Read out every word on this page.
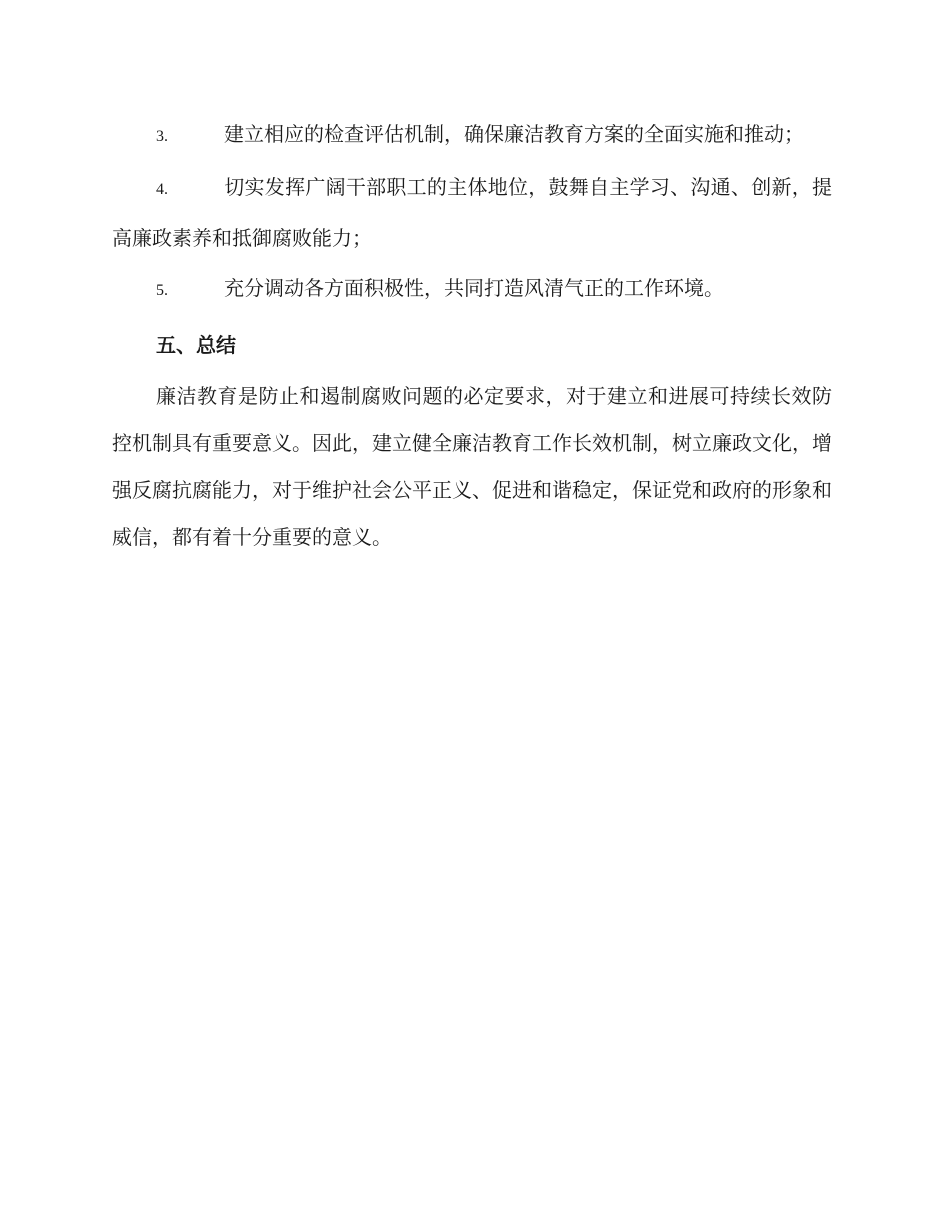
3.	建立相应的检查评估机制，确保廉洁教育方案的全面实施和推动；

4.	切实发挥广阔干部职工的主体地位，鼓舞自主学习、沟通、创新，提高廉政素养和抵御腐败能力；

5.	充分调动各方面积极性，共同打造风清气正的工作环境。

五、总结

廉洁教育是防止和遏制腐败问题的必定要求，对于建立和进展可持续长效防控机制具有重要意义。因此，建立健全廉洁教育工作长效机制，树立廉政文化，增强反腐抗腐能力，对于维护社会公平正义、促进和谐稳定，保证党和政府的形象和威信，都有着十分重要的意义。
